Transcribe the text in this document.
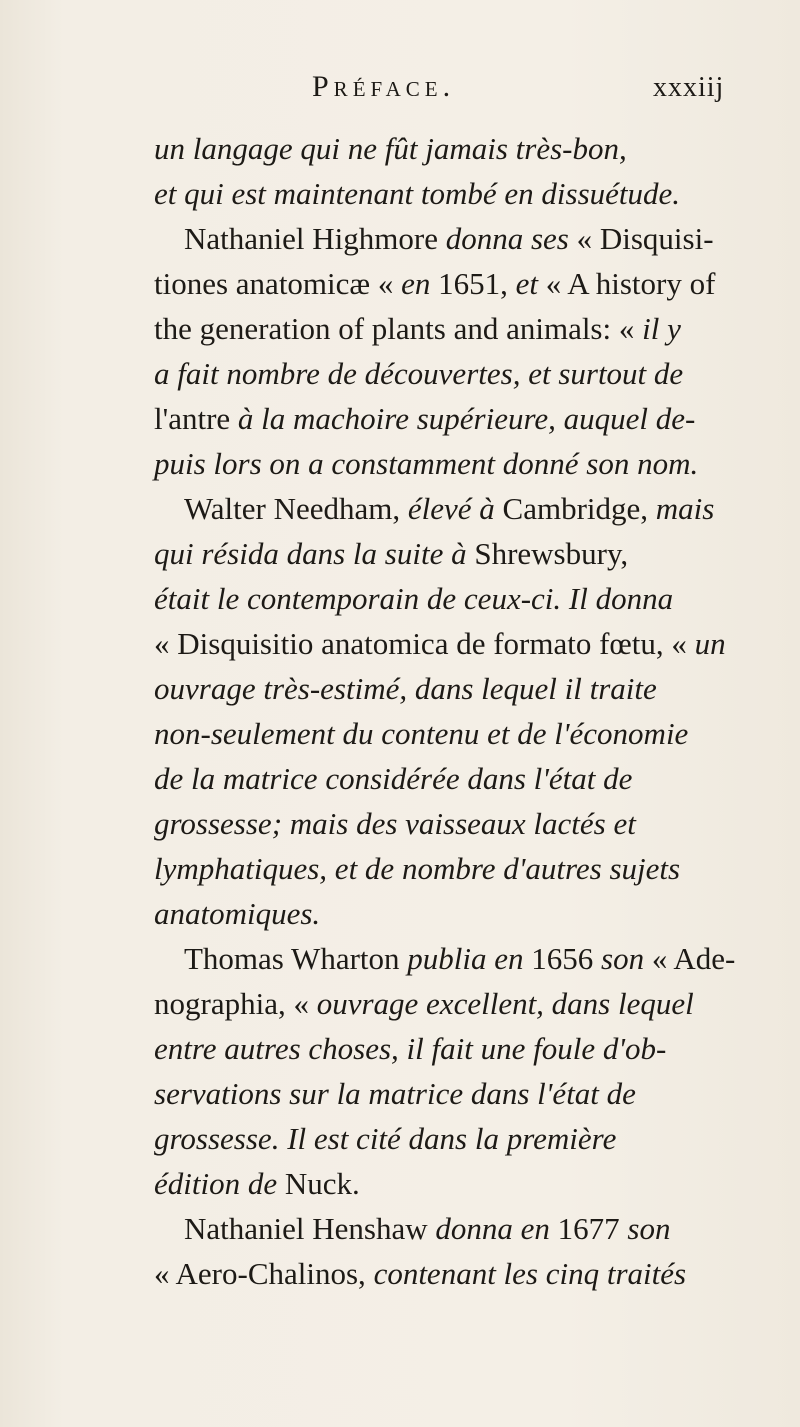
Préface.	xxxiij
un langage qui ne fût jamais très-bon,
et qui est maintenant tombé en dissuétude.
Nathaniel Highmore donna ses « Disquisi-
tiones anatomicæ « en 1651, et « A history of
the generation of plants and animals: « il y
a fait nombre de découvertes, et surtout de
l'antre à la machoire supérieure, auquel de-
puis lors on a constamment donné son nom.
Walter Needham, élevé à Cambridge, mais
qui résida dans la suite à Shrewsbury,
était le contemporain de ceux-ci. Il donna
« Disquisitio anatomica de formato fœtu, « un
ouvrage très-estimé, dans lequel il traite
non-seulement du contenu et de l'économie
de la matrice considérée dans l'état de
grossesse; mais des vaisseaux lactés et
lymphatiques, et de nombre d'autres sujets
anatomiques.
Thomas Wharton publia en 1656 son « Ade-
nographia, « ouvrage excellent, dans lequel
entre autres choses, il fait une foule d'ob-
servations sur la matrice dans l'état de
grossesse. Il est cité dans la première
édition de Nuck.
Nathaniel Henshaw donna en 1677 son
« Aero-Chalinos, contenant les cinq traités
